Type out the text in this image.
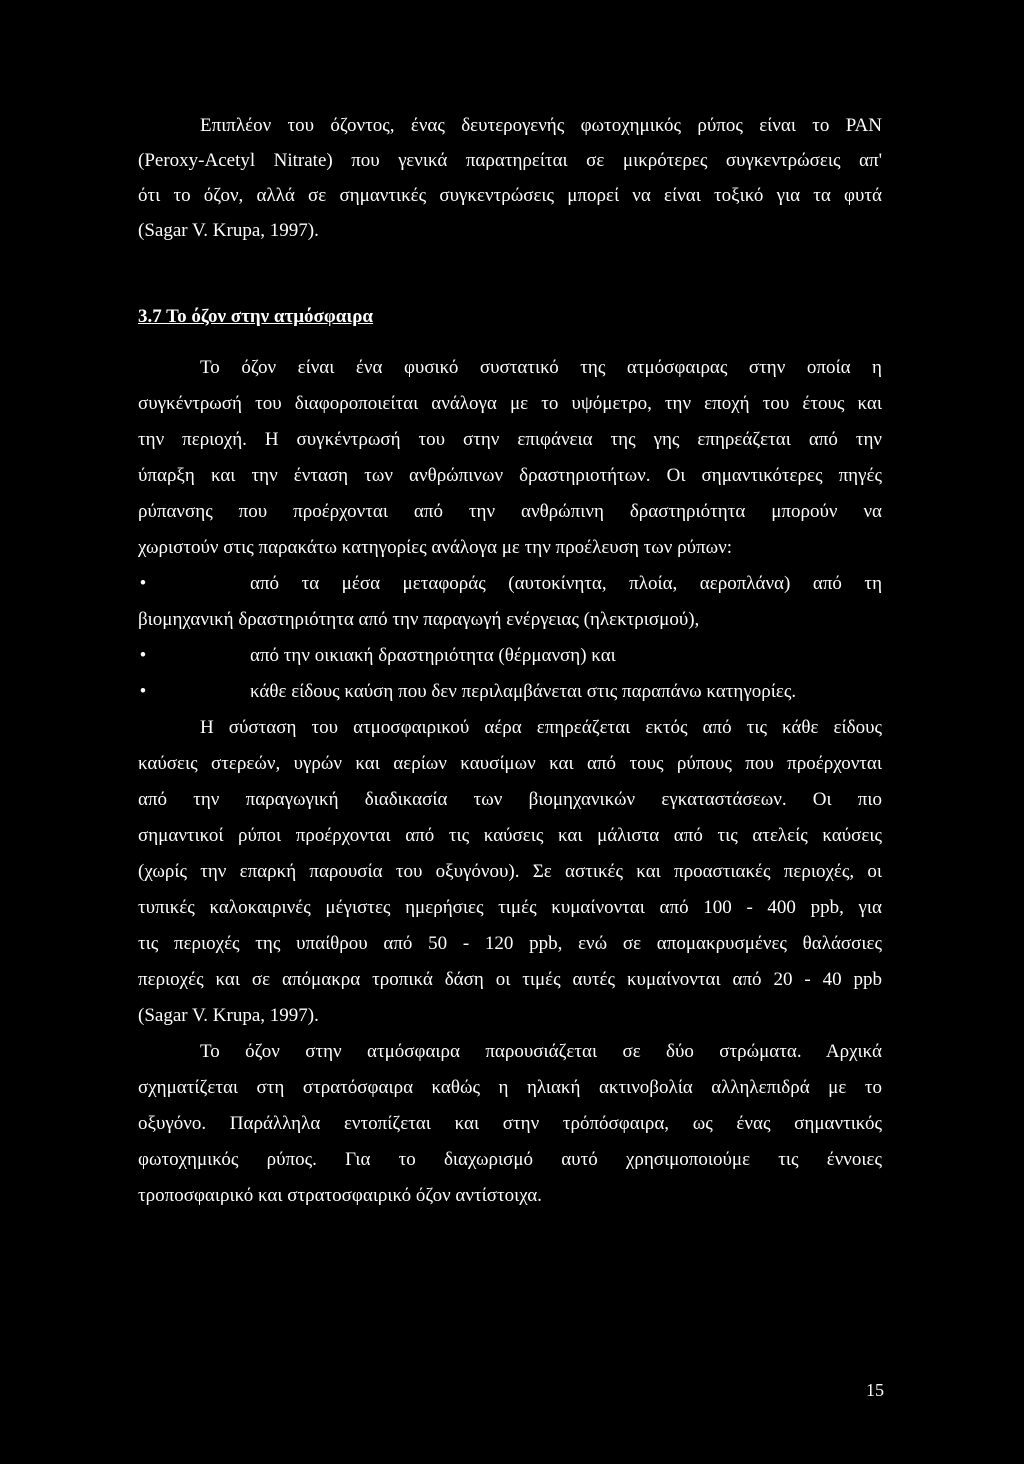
Επιπλέον του όζοντος, ένας δευτερογενής φωτοχημικός ρύπος είναι το PAN
(Peroxy-Acetyl Nitrate) που γενικά παρατηρείται σε μικρότερες συγκεντρώσεις απ'
ότι το όζον, αλλά σε σημαντικές συγκεντρώσεις μπορεί να είναι τοξικό για τα φυτά
(Sagar V. Krupa, 1997).

3.7 Το όζον στην ατμόσφαιρα

Το όζον είναι ένα φυσικό συστατικό της ατμόσφαιρας στην οποία η
συγκέντρωσή του διαφοροποιείται ανάλογα με το υψόμετρο, την εποχή του έτους και
την περιοχή. Η συγκέντρωσή του στην επιφάνεια της γης επηρεάζεται από την
ύπαρξη και την ένταση των ανθρώπινων δραστηριοτήτων. Οι σημαντικότερες πηγές
ρύπανσης που προέρχονται από την ανθρώπινη δραστηριότητα μπορούν να
χωριστούν στις παρακάτω κατηγορίες ανάλογα με την προέλευση των ρύπων:

•	από τα μέσα μεταφοράς (αυτοκίνητα, πλοία, αεροπλάνα) από τη
βιομηχανική δραστηριότητα από την παραγωγή ενέργειας (ηλεκτρισμού),
•	από την οικιακή δραστηριότητα (θέρμανση) και
•	κάθε είδους καύση που δεν περιλαμβάνεται στις παραπάνω κατηγορίες.

Η σύσταση του ατμοσφαιρικού αέρα επηρεάζεται εκτός από τις κάθε είδους
καύσεις στερεών, υγρών και αερίων καυσίμων και από τους ρύπους που προέρχονται
από την παραγωγική διαδικασία των βιομηχανικών εγκαταστάσεων. Οι πιο
σημαντικοί ρύποι προέρχονται από τις καύσεις και μάλιστα από τις ατελείς καύσεις
(χωρίς την επαρκή παρουσία του οξυγόνου). Σε αστικές και προαστιακές περιοχές, οι
τυπικές καλοκαιρινές μέγιστες ημερήσιες τιμές κυμαίνονται από 100 - 400 ppb, για
τις περιοχές της υπαίθρου από 50 - 120 ppb, ενώ σε απομακρυσμένες θαλάσσιες
περιοχές και σε απόμακρα τροπικά δάση οι τιμές αυτές κυμαίνονται από 20 - 40 ppb
(Sagar V. Krupa, 1997).

Το όζον στην ατμόσφαιρα παρουσιάζεται σε δύο στρώματα. Αρχικά
σχηματίζεται στη στρατόσφαιρα καθώς η ηλιακή ακτινοβολία αλληλεπιδρά με το
οξυγόνο. Παράλληλα εντοπίζεται και στην τρόπόσφαιρα, ως ένας σημαντικός
φωτοχημικός ρύπος. Για το διαχωρισμό αυτό χρησιμοποιούμε τις έννοιες
τροποσφαιρικό και στρατοσφαιρικό όζον αντίστοιχα.

15
